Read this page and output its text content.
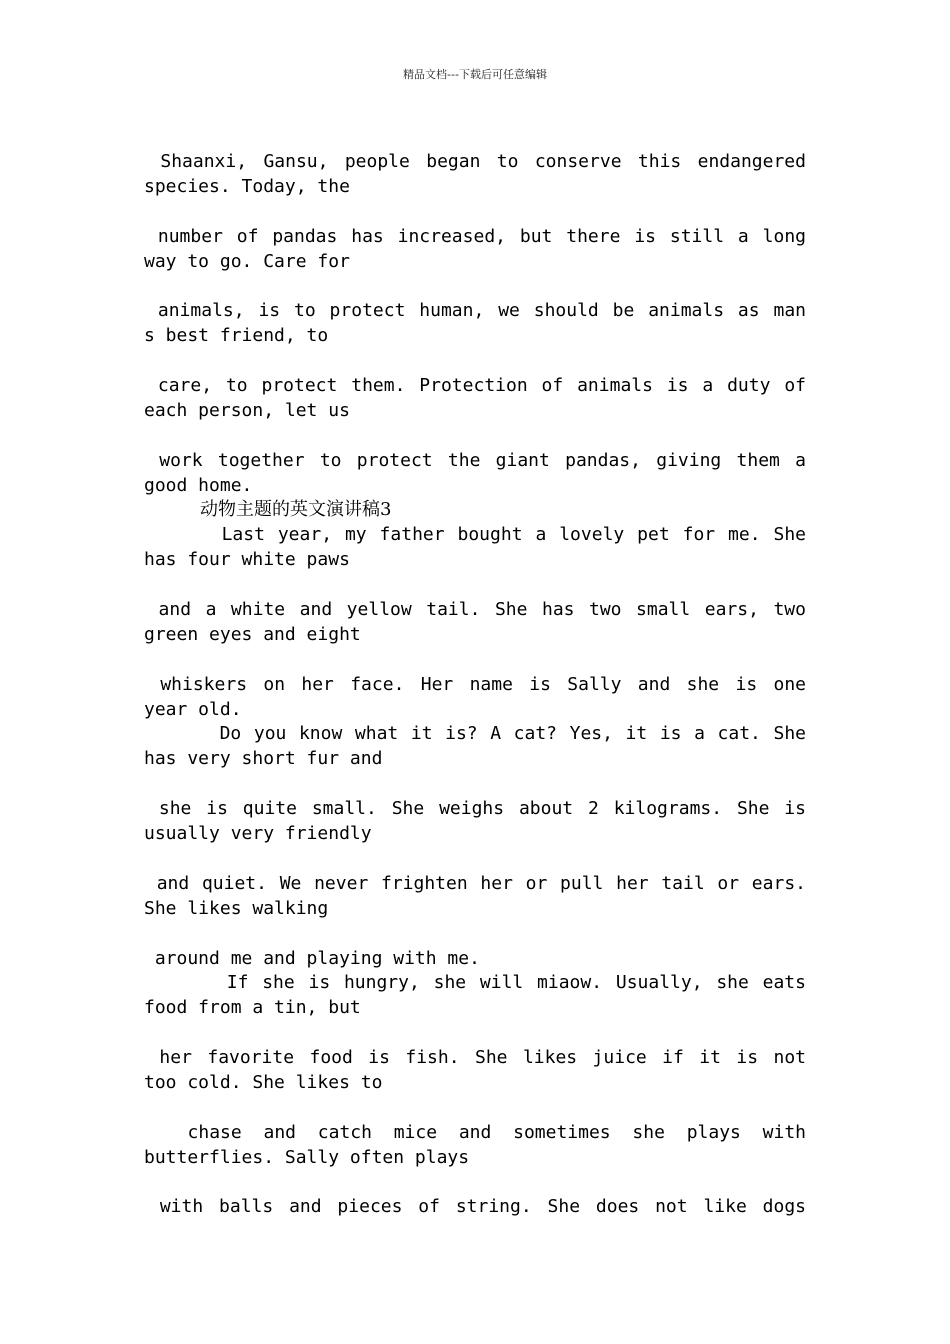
精品文档---下载后可任意编辑
Shaanxi, Gansu, people began to conserve this endangered
species. Today, the
number of pandas has increased, but there is still a long
way to go. Care for
animals, is to protect human, we should be animals as man
s best friend, to
care, to protect them. Protection of animals is a duty of
each person, let us
work together to protect the giant pandas, giving them a
good home.
动物主题的英文演讲稿3
Last year, my father bought a lovely pet for me. She
has four white paws
and a white and yellow tail. She has two small ears, two
green eyes and eight
whiskers on her face. Her name is Sally and she is one
year old.
Do you know what it is? A cat? Yes, it is a cat. She
has very short fur and
she is quite small. She weighs about 2 kilograms. She is
usually very friendly
and quiet. We never frighten her or pull her tail or ears.
She likes walking
around me and playing with me.
If she is hungry, she will miaow. Usually, she eats
food from a tin, but
her favorite food is fish. She likes juice if it is not
too cold. She likes to
chase and catch mice and sometimes she plays with
butterflies. Sally often plays
with balls and pieces of string. She does not like dogs
